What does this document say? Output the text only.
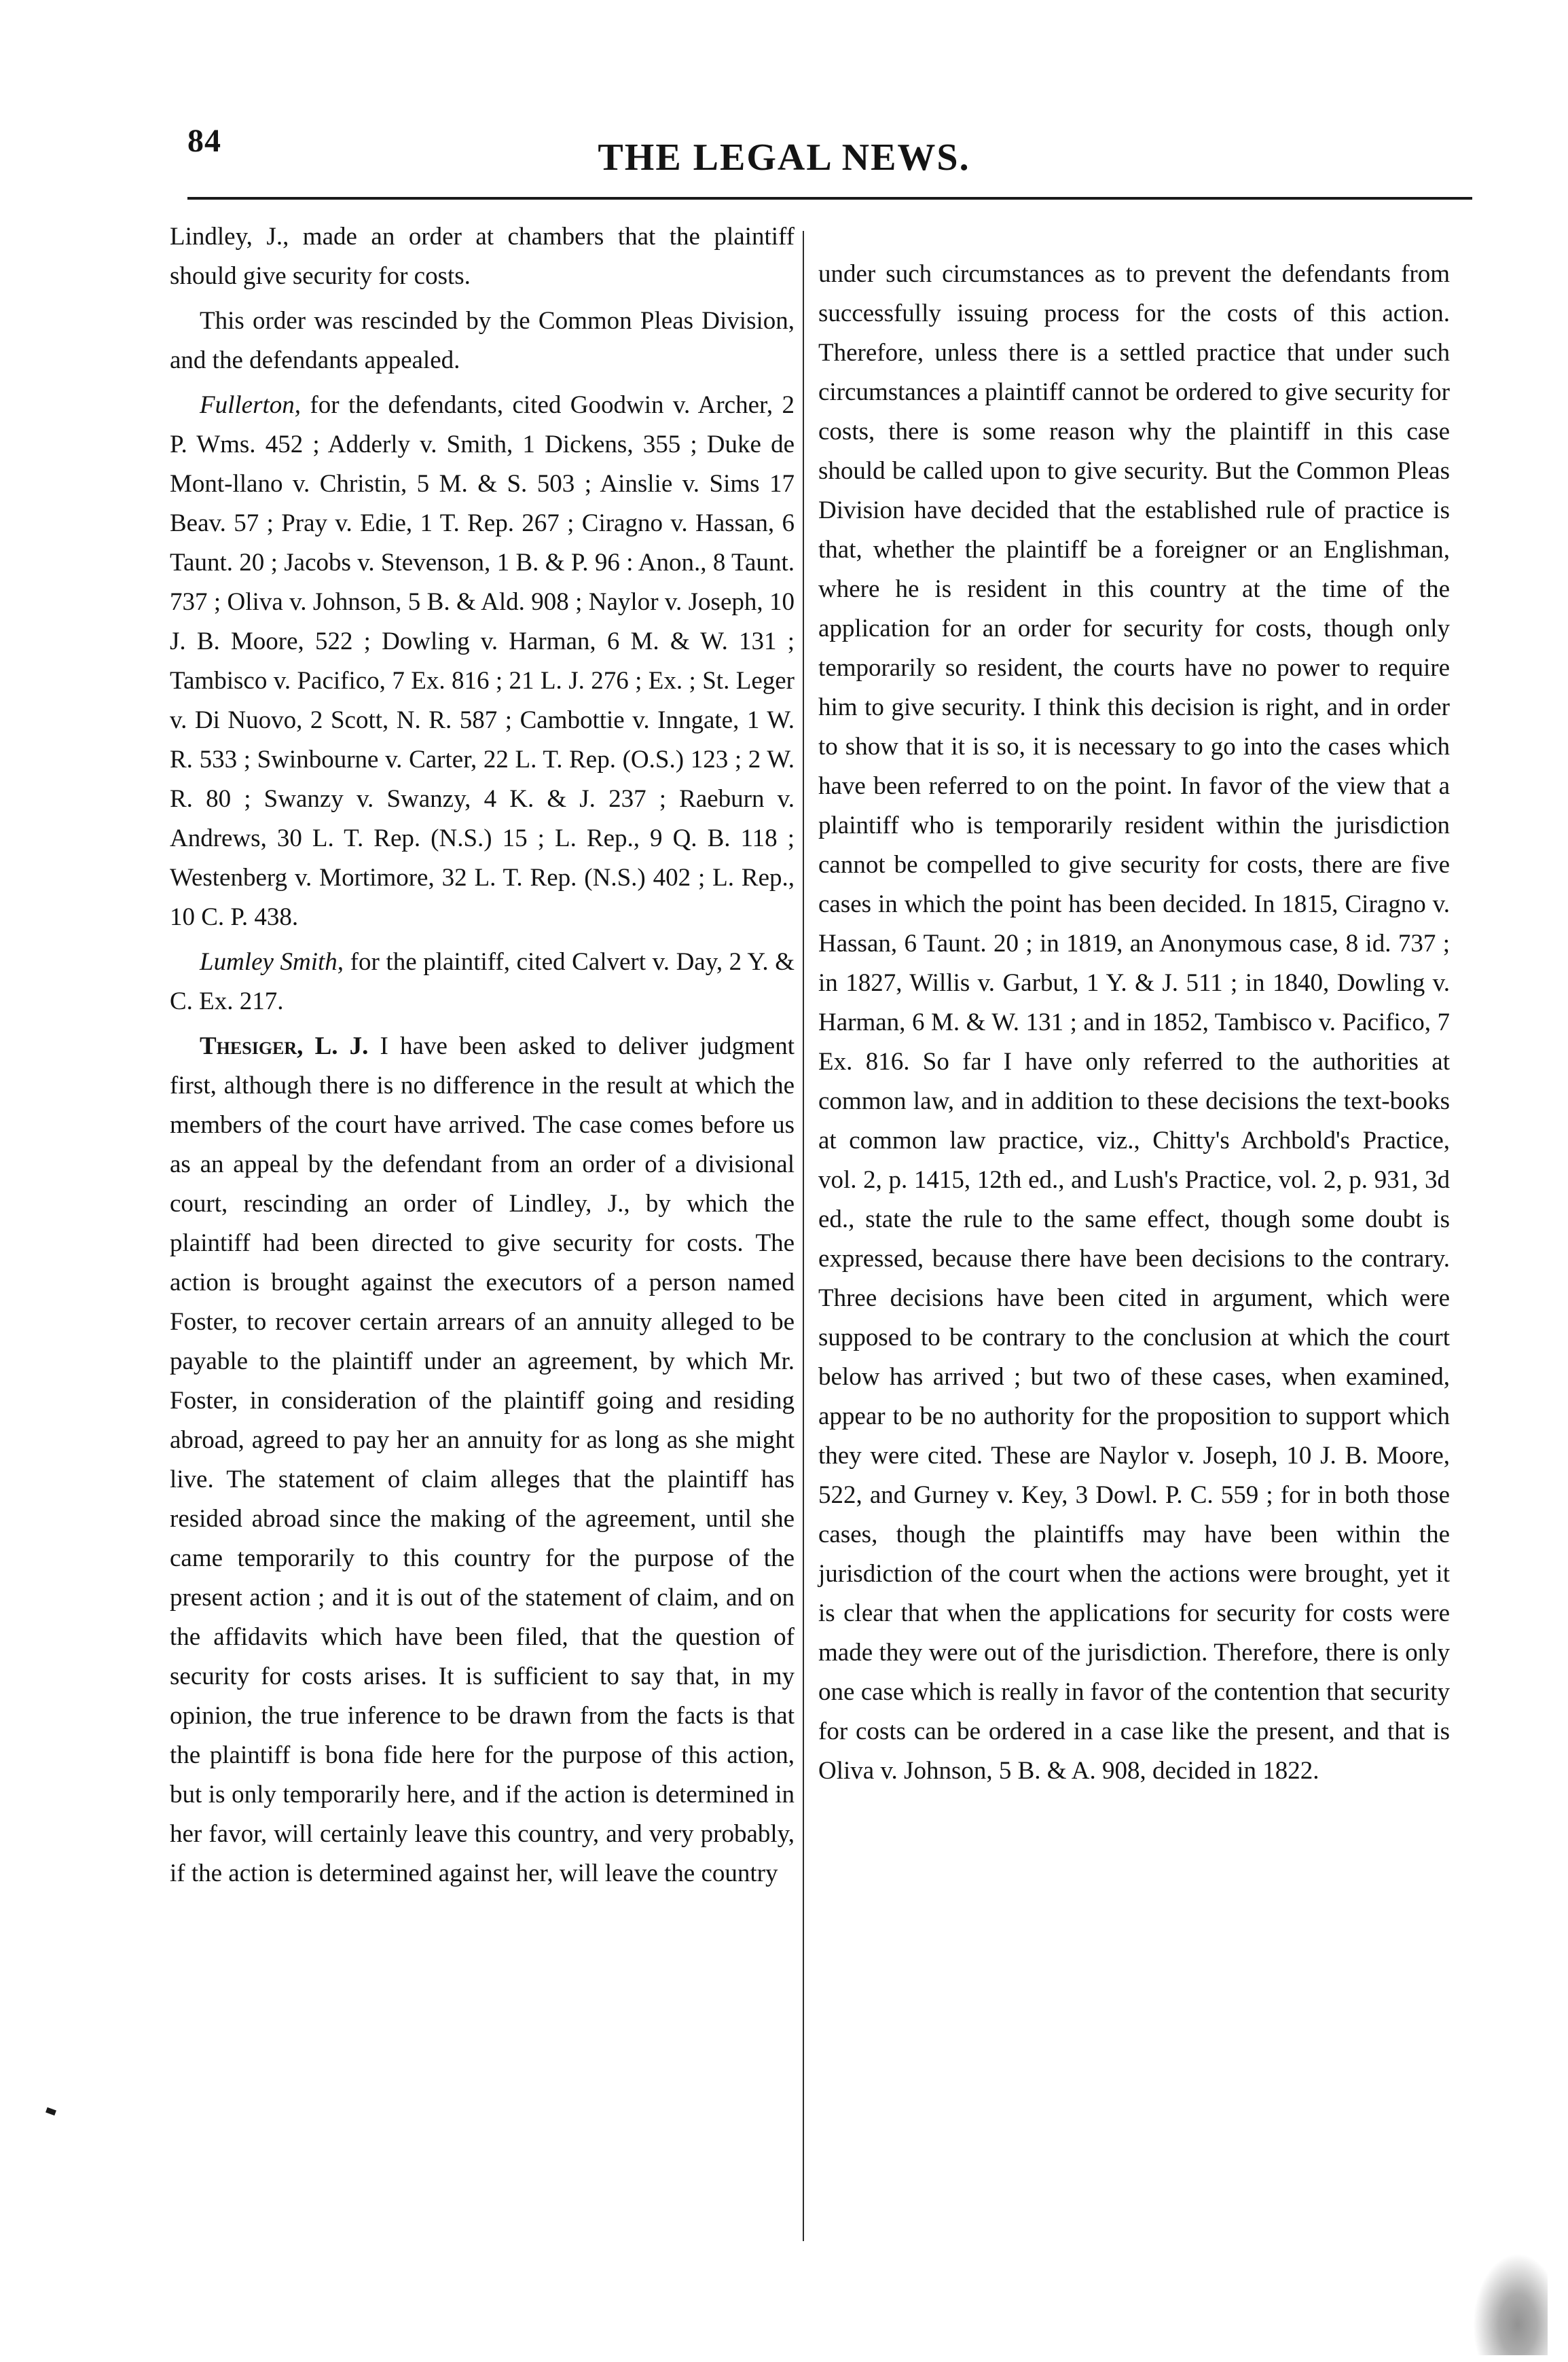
84	THE LEGAL NEWS.

Lindley, J., made an order at chambers that the plaintiff should give security for costs.

This order was rescinded by the Common Pleas Division, and the defendants appealed.

Fullerton, for the defendants, cited Goodwin v. Archer, 2 P. Wms. 452 ; Adderly v. Smith, 1 Dickens, 355 ; Duke de Mont-llano v. Christin, 5 M. & S. 503 ; Ainslie v. Sims 17 Beav. 57 ; Pray v. Edie, 1 T. Rep. 267 ; Ciragno v. Hassan, 6 Taunt. 20 ; Jacobs v. Stevenson, 1 B. & P. 96 : Anon., 8 Taunt. 737 ; Oliva v. Johnson, 5 B. & Ald. 908 ; Naylor v. Joseph, 10 J. B. Moore, 522 ; Dowling v. Harman, 6 M. & W. 131 ; Tambisco v. Pacifico, 7 Ex. 816 ; 21 L. J. 276 ; Ex. ; St. Leger v. Di Nuovo, 2 Scott, N. R. 587 ; Cambottie v. Inngate, 1 W. R. 533 ; Swinbourne v. Carter, 22 L. T. Rep. (O.S.) 123 ; 2 W. R. 80 ; Swanzy v. Swanzy, 4 K. & J. 237 ; Raeburn v. Andrews, 30 L. T. Rep. (N.S.) 15 ; L. Rep., 9 Q. B. 118 ; Westenberg v. Mortimore, 32 L. T. Rep. (N.S.) 402 ; L. Rep., 10 C. P. 438.

Lumley Smith, for the plaintiff, cited Calvert v. Day, 2 Y. & C. Ex. 217.

Thesiger, L. J. I have been asked to deliver judgment first, although there is no difference in the result at which the members of the court have arrived. The case comes before us as an appeal by the defendant from an order of a divisional court, rescinding an order of Lindley, J., by which the plaintiff had been directed to give security for costs. The action is brought against the executors of a person named Foster, to recover certain arrears of an annuity alleged to be payable to the plaintiff under an agreement, by which Mr. Foster, in consideration of the plaintiff going and residing abroad, agreed to pay her an annuity for as long as she might live. The statement of claim alleges that the plaintiff has resided abroad since the making of the agreement, until she came temporarily to this country for the purpose of the present action ; and it is out of the statement of claim, and on the affidavits which have been filed, that the question of security for costs arises. It is sufficient to say that, in my opinion, the true inference to be drawn from the facts is that the plaintiff is bona fide here for the purpose of this action, but is only temporarily here, and if the action is determined in her favor, will certainly leave this country, and very probably, if the action is determined against her, will leave the country

under such circumstances as to prevent the defendants from successfully issuing process for the costs of this action. Therefore, unless there is a settled practice that under such circumstances a plaintiff cannot be ordered to give security for costs, there is some reason why the plaintiff in this case should be called upon to give security. But the Common Pleas Division have decided that the established rule of practice is that, whether the plaintiff be a foreigner or an Englishman, where he is resident in this country at the time of the application for an order for security for costs, though only temporarily so resident, the courts have no power to require him to give security. I think this decision is right, and in order to show that it is so, it is necessary to go into the cases which have been referred to on the point. In favor of the view that a plaintiff who is temporarily resident within the jurisdiction cannot be compelled to give security for costs, there are five cases in which the point has been decided. In 1815, Ciragno v. Hassan, 6 Taunt. 20 ; in 1819, an Anonymous case, 8 id. 737 ; in 1827, Willis v. Garbut, 1 Y. & J. 511 ; in 1840, Dowling v. Harman, 6 M. & W. 131 ; and in 1852, Tambisco v. Pacifico, 7 Ex. 816. So far I have only referred to the authorities at common law, and in addition to these decisions the text-books at common law practice, viz., Chitty's Archbold's Practice, vol. 2, p. 1415, 12th ed., and Lush's Practice, vol. 2, p. 931, 3d ed., state the rule to the same effect, though some doubt is expressed, because there have been decisions to the contrary. Three decisions have been cited in argument, which were supposed to be contrary to the conclusion at which the court below has arrived ; but two of these cases, when examined, appear to be no authority for the proposition to support which they were cited. These are Naylor v. Joseph, 10 J. B. Moore, 522, and Gurney v. Key, 3 Dowl. P. C. 559 ; for in both those cases, though the plaintiffs may have been within the jurisdiction of the court when the actions were brought, yet it is clear that when the applications for security for costs were made they were out of the jurisdiction. Therefore, there is only one case which is really in favor of the contention that security for costs can be ordered in a case like the present, and that is Oliva v. Johnson, 5 B. & A. 908, decided in 1822.
